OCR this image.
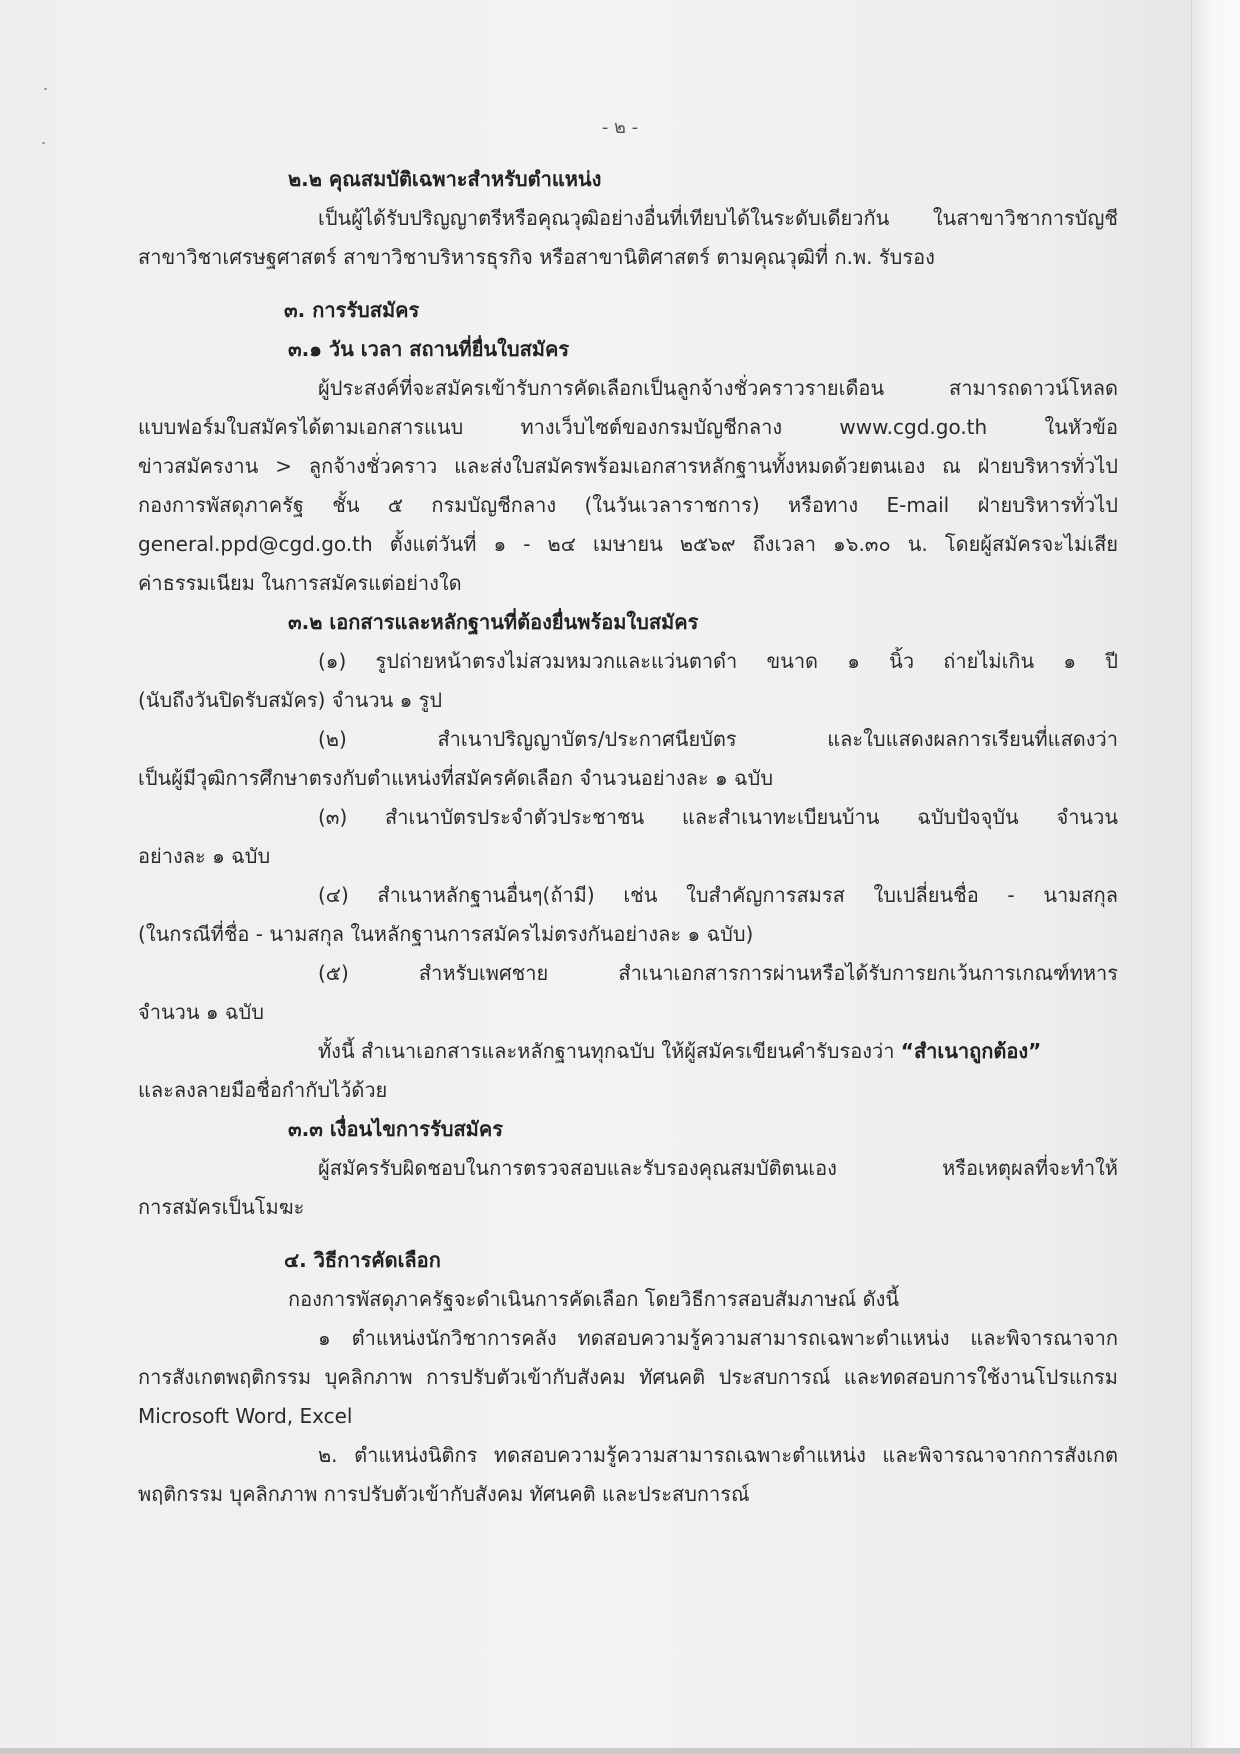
- ๒ -
๒.๒ คุณสมบัติเฉพาะสำหรับตำแหน่ง
เป็นผู้ได้รับปริญญาตรีหรือคุณวุฒิอย่างอื่นที่เทียบได้ในระดับเดียวกัน ในสาขาวิชาการบัญชี
สาขาวิชาเศรษฐศาสตร์ สาขาวิชาบริหารธุรกิจ หรือสาขานิติศาสตร์ ตามคุณวุฒิที่ ก.พ. รับรอง
๓. การรับสมัคร
๓.๑ วัน เวลา สถานที่ยื่นใบสมัคร
ผู้ประสงค์ที่จะสมัครเข้ารับการคัดเลือกเป็นลูกจ้างชั่วคราวรายเดือน สามารถดาวน์โหลด
แบบฟอร์มใบสมัครได้ตามเอกสารแนบ ทางเว็บไซต์ของกรมบัญชีกลาง www.cgd.go.th ในหัวข้อ
ข่าวสมัครงาน > ลูกจ้างชั่วคราว และส่งใบสมัครพร้อมเอกสารหลักฐานทั้งหมดด้วยตนเอง ณ ฝ่ายบริหารทั่วไป
กองการพัสดุภาครัฐ ชั้น ๕ กรมบัญชีกลาง (ในวันเวลาราชการ) หรือทาง E-mail ฝ่ายบริหารทั่วไป
general.ppd@cgd.go.th ตั้งแต่วันที่ ๑ - ๒๔ เมษายน ๒๕๖๙ ถึงเวลา ๑๖.๓๐ น. โดยผู้สมัครจะไม่เสีย
ค่าธรรมเนียม ในการสมัครแต่อย่างใด
๓.๒ เอกสารและหลักฐานที่ต้องยื่นพร้อมใบสมัคร
(๑) รูปถ่ายหน้าตรงไม่สวมหมวกและแว่นตาดำ ขนาด ๑ นิ้ว ถ่ายไม่เกิน ๑ ปี
(นับถึงวันปิดรับสมัคร) จำนวน ๑ รูป
(๒) สำเนาปริญญาบัตร/ประกาศนียบัตร และใบแสดงผลการเรียนที่แสดงว่า
เป็นผู้มีวุฒิการศึกษาตรงกับตำแหน่งที่สมัครคัดเลือก จำนวนอย่างละ ๑ ฉบับ
(๓) สำเนาบัตรประจำตัวประชาชน และสำเนาทะเบียนบ้าน ฉบับปัจจุบัน จำนวน
อย่างละ ๑ ฉบับ
(๔) สำเนาหลักฐานอื่นๆ(ถ้ามี) เช่น ใบสำคัญการสมรส ใบเปลี่ยนชื่อ - นามสกุล
(ในกรณีที่ชื่อ - นามสกุล ในหลักฐานการสมัครไม่ตรงกันอย่างละ ๑ ฉบับ)
(๕) สำหรับเพศชาย สำเนาเอกสารการผ่านหรือได้รับการยกเว้นการเกณฑ์ทหาร
จำนวน ๑ ฉบับ
ทั้งนี้ สำเนาเอกสารและหลักฐานทุกฉบับ ให้ผู้สมัครเขียนคำรับรองว่า “สำเนาถูกต้อง”
และลงลายมือชื่อกำกับไว้ด้วย
๓.๓ เงื่อนไขการรับสมัคร
ผู้สมัครรับผิดชอบในการตรวจสอบและรับรองคุณสมบัติตนเอง หรือเหตุผลที่จะทำให้
การสมัครเป็นโมฆะ
๔. วิธีการคัดเลือก
กองการพัสดุภาครัฐจะดำเนินการคัดเลือก โดยวิธีการสอบสัมภาษณ์ ดังนี้
๑ ตำแหน่งนักวิชาการคลัง ทดสอบความรู้ความสามารถเฉพาะตำแหน่ง และพิจารณาจาก
การสังเกตพฤติกรรม บุคลิกภาพ การปรับตัวเข้ากับสังคม ทัศนคติ ประสบการณ์ และทดสอบการใช้งานโปรแกรม
Microsoft Word, Excel
๒. ตำแหน่งนิติกร ทดสอบความรู้ความสามารถเฉพาะตำแหน่ง และพิจารณาจากการสังเกต
พฤติกรรม บุคลิกภาพ การปรับตัวเข้ากับสังคม ทัศนคติ และประสบการณ์
